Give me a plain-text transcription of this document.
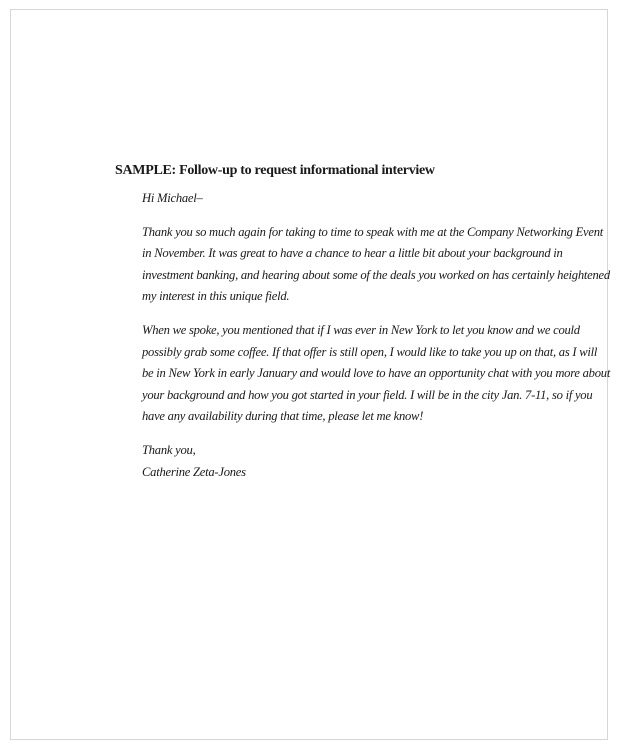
SAMPLE: Follow-up to request informational interview

Hi Michael–

Thank you so much again for taking to time to speak with me at the Company Networking Event
in November. It was great to have a chance to hear a little bit about your background in
investment banking, and hearing about some of the deals you worked on has certainly heightened
my interest in this unique field.

When we spoke, you mentioned that if I was ever in New York to let you know and we could
possibly grab some coffee. If that offer is still open, I would like to take you up on that, as I will
be in New York in early January and would love to have an opportunity chat with you more about
your background and how you got started in your field. I will be in the city Jan. 7-11, so if you
have any availability during that time, please let me know!

Thank you,
Catherine Zeta-Jones
